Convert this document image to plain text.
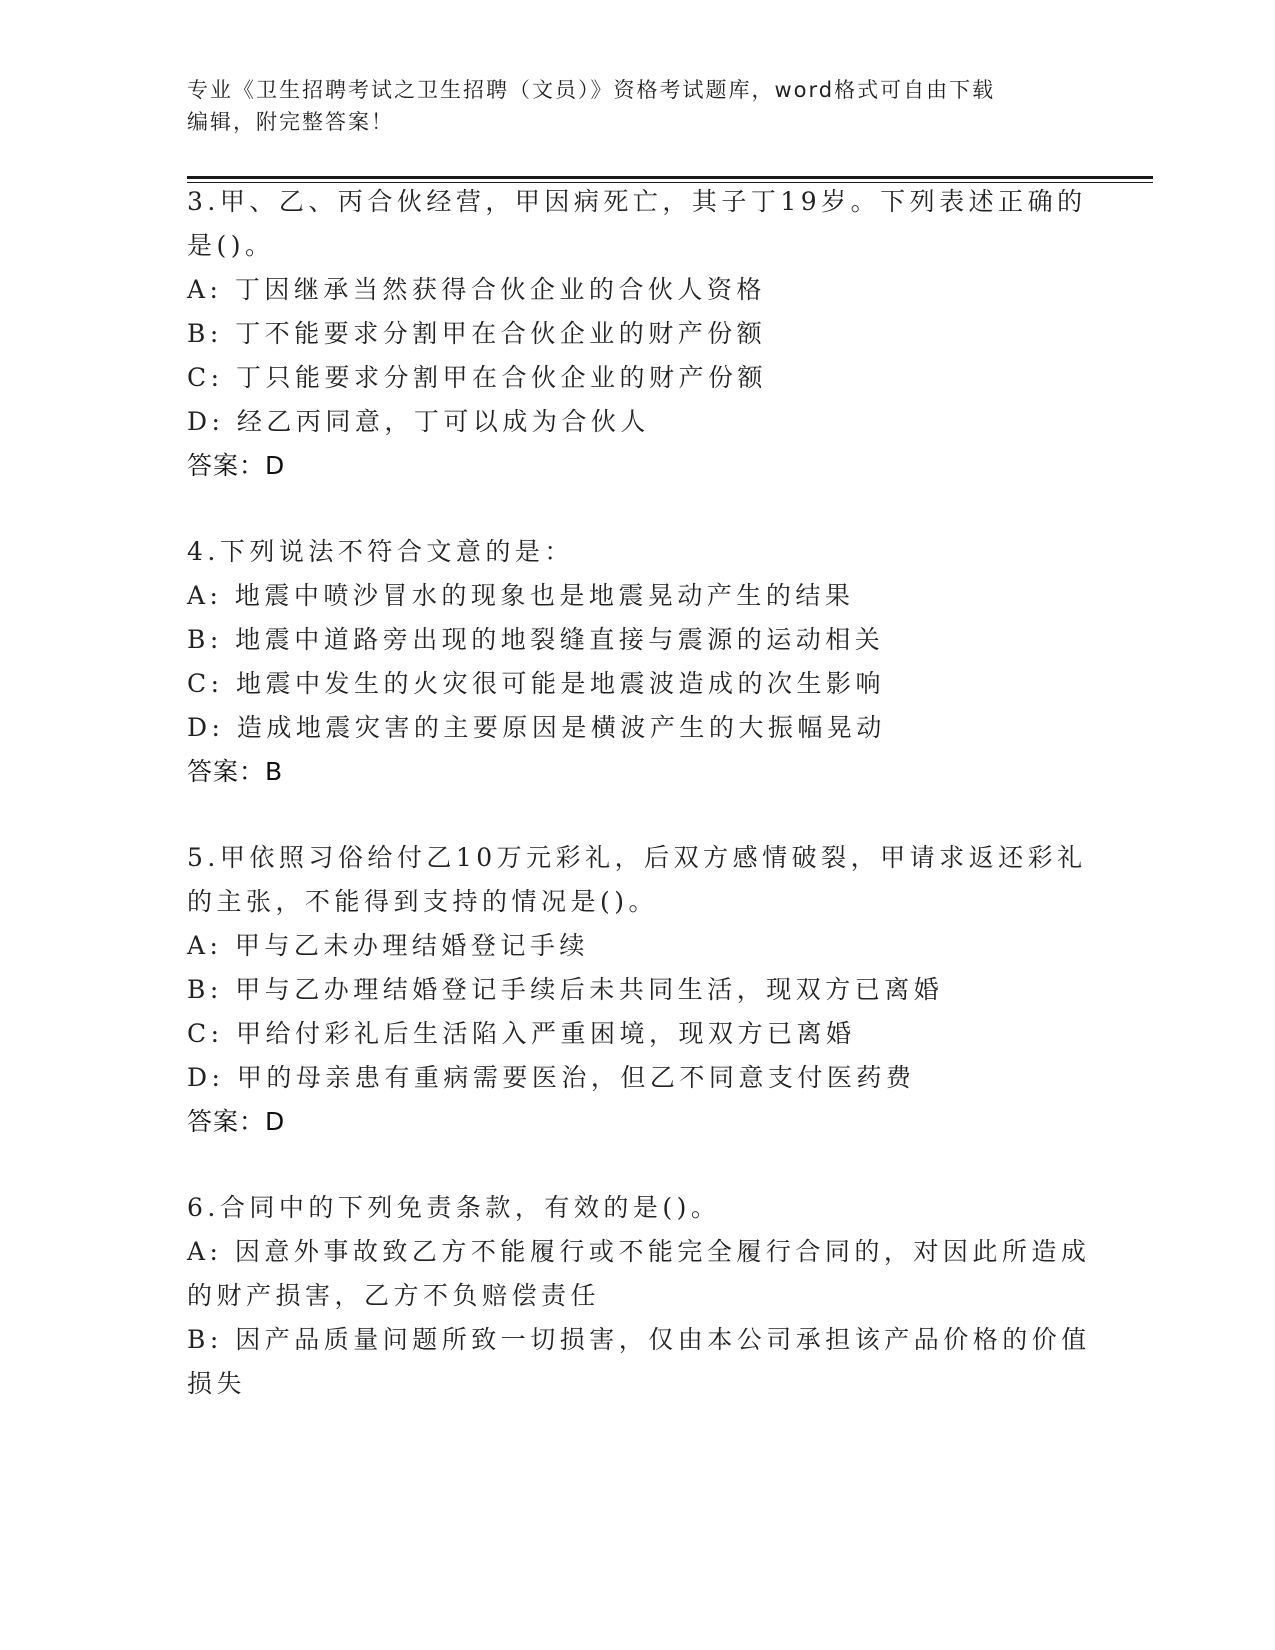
专业《卫生招聘考试之卫生招聘（文员）》资格考试题库，word格式可自由下载
编辑，附完整答案！
3.甲、乙、丙合伙经营，甲因病死亡，其子丁19岁。下列表述正确的
是()。
A: 丁因继承当然获得合伙企业的合伙人资格
B: 丁不能要求分割甲在合伙企业的财产份额
C: 丁只能要求分割甲在合伙企业的财产份额
D: 经乙丙同意，丁可以成为合伙人
答案：D
4.下列说法不符合文意的是：
A: 地震中喷沙冒水的现象也是地震晃动产生的结果
B: 地震中道路旁出现的地裂缝直接与震源的运动相关
C: 地震中发生的火灾很可能是地震波造成的次生影响
D: 造成地震灾害的主要原因是横波产生的大振幅晃动
答案：B
5.甲依照习俗给付乙10万元彩礼，后双方感情破裂，甲请求返还彩礼
的主张，不能得到支持的情况是()。
A: 甲与乙未办理结婚登记手续
B: 甲与乙办理结婚登记手续后未共同生活，现双方已离婚
C: 甲给付彩礼后生活陷入严重困境，现双方已离婚
D: 甲的母亲患有重病需要医治，但乙不同意支付医药费
答案：D
6.合同中的下列免责条款，有效的是()。
A: 因意外事故致乙方不能履行或不能完全履行合同的，对因此所造成
的财产损害，乙方不负赔偿责任
B: 因产品质量问题所致一切损害，仅由本公司承担该产品价格的价值
损失
